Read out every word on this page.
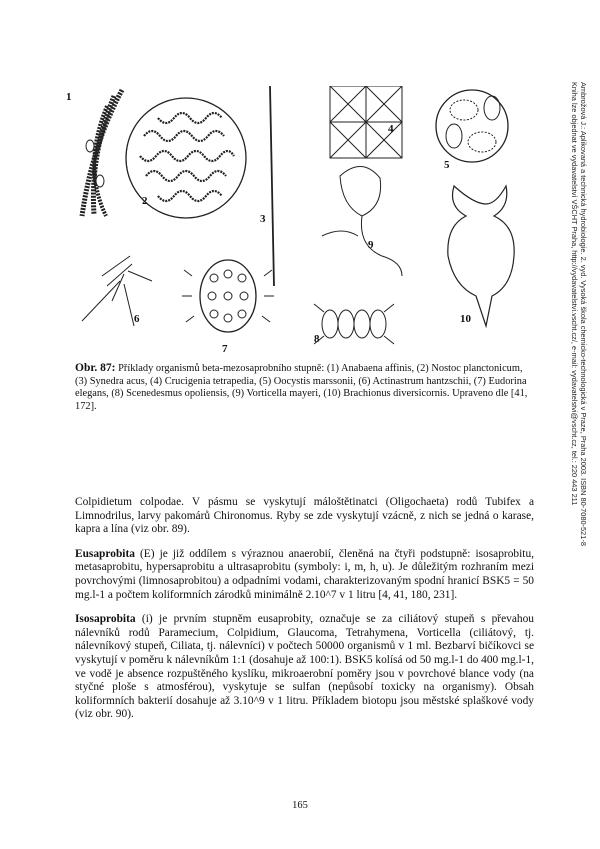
Ambrožová J.: Aplikovaná a technická hydrobiologie. 2. vyd. Vysoká škola chemicko-technologická v Praze, Praha 2003. ISBN 80-7080-521-8
Kniha lze objednat ve vydavatelství VŠCHT Praha, http://vydavatelstvi.vscht.cz/, e-mail: vydavatelstvi@vscht.cz, tel.: 220 443 211
1
2
3
4
5
6
7
8
9
10
Obr. 87: Příklady organismů beta-mezosaprobního stupně: (1) Anabaena affinis, (2) Nostoc planctonicum, (3) Synedra acus, (4) Crucigenia tetrapedia, (5) Oocystis marssonii, (6) Actinastrum hantzschii, (7) Eudorina elegans, (8) Scenedesmus opoliensis, (9) Vorticella mayeri, (10) Brachionus diversicornis. Upraveno dle [41, 172].

Colpidietum colpodae. V pásmu se vyskytují máloštětinatci (Oligochaeta) rodů Tubifex a Limnodrilus, larvy pakomárů Chironomus. Ryby se zde vyskytují vzácně, z nich se jedná o karase, kapra a lína (viz obr. 89).

Eusaprobita (E) je již oddílem s výraznou anaerobií, členěná na čtyři podstupně: isosaprobitu, metasaprobitu, hypersaprobitu a ultrasaprobitu (symboly: i, m, h, u). Je důležitým rozhraním mezi povrchovými (limnosaprobitou) a odpadními vodami, charakterizovaným spodní hranicí BSK5 = 50 mg.l-1 a počtem koliformních zárodků minimálně 2.10^7 v 1 litru [4, 41, 180, 231].

Isosaprobita (i) je prvním stupněm eusaprobity, označuje se za ciliátový stupeň s převahou nálevníků rodů Paramecium, Colpidium, Glaucoma, Tetrahymena, Vorticella (ciliátový, tj. nálevníkový stupeň, Ciliata, tj. nálevníci) v počtech 50000 organismů v 1 ml. Bezbarví bičíkovci se vyskytují v poměru k nálevníkům 1:1 (dosahuje až 100:1). BSK5 kolísá od 50 mg.l-1 do 400 mg.l-1, ve vodě je absence rozpuštěného kyslíku, mikroaerobní poměry jsou v povrchové blance vody (na styčné ploše s atmosférou), vyskytuje se sulfan (nepůsobí toxicky na organismy). Obsah koliformních bakterií dosahuje až 3.10^9 v 1 litru. Příkladem biotopu jsou městské splaškové vody (viz obr. 90).

165
